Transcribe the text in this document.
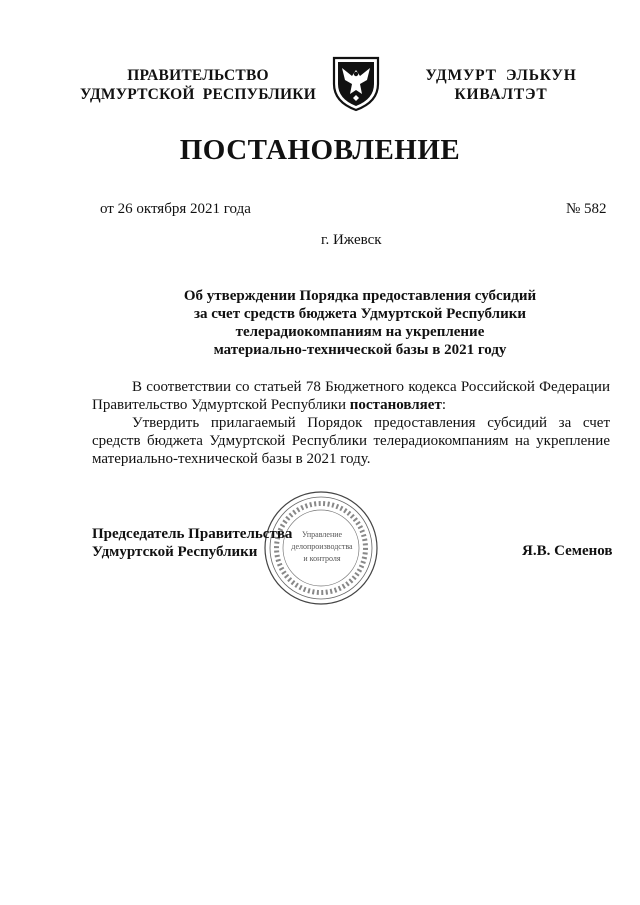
ПРАВИТЕЛЬСТВО
УДМУРТСКОЙ  РЕСПУБЛИКИ
УДМУРТ  ЭЛЬКУН
КИВАЛТЭТ
ПОСТАНОВЛЕНИЕ
от 26 октября 2021 года	№ 582
г. Ижевск
Об утверждении Порядка предоставления субсидий
за счет средств бюджета Удмуртской Республики
телерадиокомпаниям на укрепление
материально-технической базы в 2021 году

В соответствии со статьей 78 Бюджетного кодекса Российской Федерации Правительство Удмуртской Республики постановляет:

Утвердить прилагаемый Порядок предоставления субсидий за счет средств бюджета Удмуртской Республики телерадиокомпаниям на укрепление материально-технической базы в 2021 году.

Управление
делопроизводства
и контроля
Председатель Правительства
Удмуртской Республики	Я.В. Семенов
